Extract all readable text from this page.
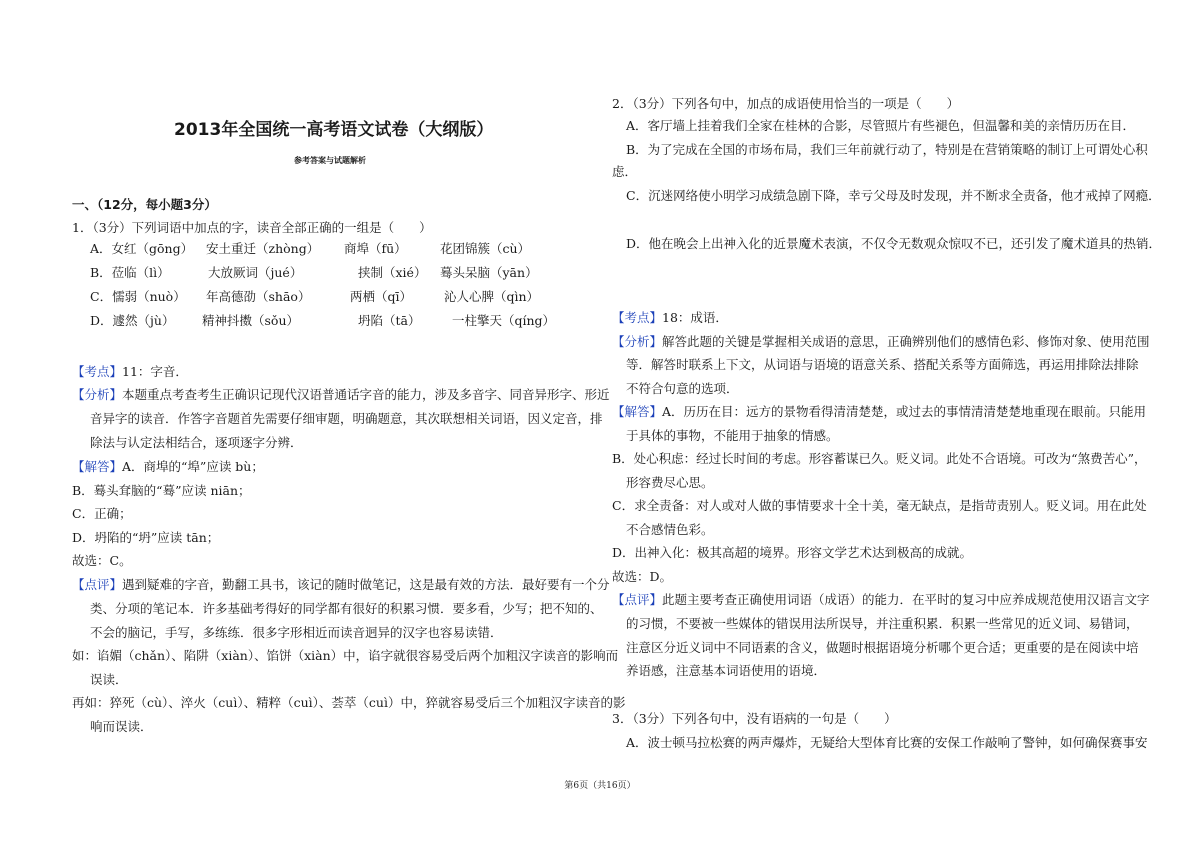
2013年全国统一高考语文试卷（大纲版）
参考答案与试题解析
一、（12分，每小题3分）
1．（3分）下列词语中加点的字，读音全部正确的一组是（　　）
A．女红（gōng） 安土重迁（zhòng） 商埠（fū）	花团锦簇（cù）
B．莅临（lì）	大放厥词（jué）	挟制（xié） 蓦头呆脑（yān）
C．懦弱（nuò） 年高德劭（shāo）	两栖（qī）	沁人心脾（qìn）
D．遽然（jù） 精神抖擞（sǒu）	坍陷（tā）	一柱擎天（qíng）
【考点】11：字音．
【分析】本题重点考查考生正确识记现代汉语普通话字音的能力，涉及多音字、同音异形字、形近
音异字的读音．作答字音题首先需要仔细审题，明确题意，其次联想相关词语，因义定音，排
除法与认定法相结合，逐项逐字分辨．
【解答】A．商埠的“埠”应读 bù；
B．蓦头耷脑的“蓦”应读 niān；
C．正确；
D．坍陷的“坍”应读 tān；
故选：C。
【点评】遇到疑难的字音，勤翻工具书，该记的随时做笔记，这是最有效的方法．最好要有一个分
类、分项的笔记本．许多基础考得好的同学都有很好的积累习惯．要多看，少写；把不知的、
不会的脑记，手写，多练练．很多字形相近而读音迥异的汉字也容易读错．
如：谄媚（chǎn）、陷阱（xiàn）、馅饼（xiàn）中，谄字就很容易受后两个加粗汉字读音的影响而
误读．
再如：猝死（cù）、淬火（cuì）、精粹（cuì）、荟萃（cuì）中，猝就容易受后三个加粗汉字读音的影
响而误读．
2．（3分）下列各句中，加点的成语使用恰当的一项是（　　）
A．客厅墙上挂着我们全家在桂林的合影，尽管照片有些褪色，但温馨和美的亲情历历在目．
B．为了完成在全国的市场布局，我们三年前就行动了，特别是在营销策略的制订上可谓处心积
虑．
C．沉迷网络使小明学习成绩急剧下降，幸亏父母及时发现，并不断求全责备，他才戒掉了网瘾．
D．他在晚会上出神入化的近景魔术表演，不仅令无数观众惊叹不已，还引发了魔术道具的热销．
【考点】18：成语．
【分析】解答此题的关键是掌握相关成语的意思，正确辨别他们的感情色彩、修饰对象、使用范围
等．解答时联系上下文，从词语与语境的语意关系、搭配关系等方面筛选，再运用排除法排除
不符合句意的选项．
【解答】A．历历在目：远方的景物看得清清楚楚，或过去的事情清清楚楚地重现在眼前。只能用
于具体的事物，不能用于抽象的情感。
B．处心积虑：经过长时间的考虑。形容蓄谋已久。贬义词。此处不合语境。可改为“煞费苦心”，
形容费尽心思。
C．求全责备：对人或对人做的事情要求十全十美，毫无缺点，是指苛责别人。贬义词。用在此处
不合感情色彩。
D．出神入化：极其高超的境界。形容文学艺术达到极高的成就。
故选：D。
【点评】此题主要考查正确使用词语（成语）的能力．在平时的复习中应养成规范使用汉语言文字
的习惯，不要被一些媒体的错误用法所误导，并注重积累．积累一些常见的近义词、易错词，
注意区分近义词中不同语素的含义，做题时根据语境分析哪个更合适；更重要的是在阅读中培
养语感，注意基本词语使用的语境．
3．（3分）下列各句中，没有语病的一句是（　　）
A．波士顿马拉松赛的两声爆炸，无疑给大型体育比赛的安保工作敲响了警钟，如何确保赛事安
第6页（共16页）
